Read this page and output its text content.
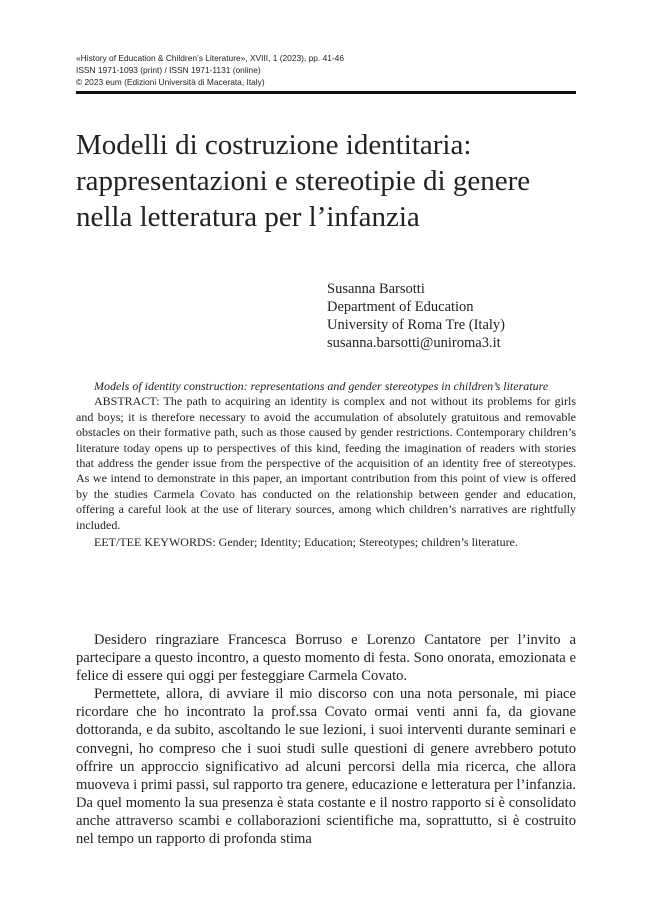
«History of Education & Children’s Literature», XVIII, 1 (2023), pp. 41-46
ISSN 1971-1093 (print) / ISSN 1971-1131 (online)
© 2023 eum (Edizioni Università di Macerata, Italy)
Modelli di costruzione identitaria:
rappresentazioni e stereotipie di genere
nella letteratura per l’infanzia
Susanna Barsotti
Department of Education
University of Roma Tre (Italy)
susanna.barsotti@uniroma3.it

Models of identity construction: representations and gender stereotypes in children’s literature

ABSTRACT: The path to acquiring an identity is complex and not without its problems for girls and boys; it is therefore necessary to avoid the accumulation of absolutely gratuitous and removable obstacles on their formative path, such as those caused by gender restrictions. Contemporary children’s literature today opens up to perspectives of this kind, feeding the imagination of readers with stories that address the gender issue from the perspective of the acquisition of an identity free of stereotypes. As we intend to demonstrate in this paper, an important contribution from this point of view is offered by the studies Carmela Covato has conducted on the relationship between gender and education, offering a careful look at the use of literary sources, among which children’s narratives are rightfully included.

EET/TEE KEYWORDS: Gender; Identity; Education; Stereotypes; children’s literature.

Desidero ringraziare Francesca Borruso e Lorenzo Cantatore per l’invito a partecipare a questo incontro, a questo momento di festa. Sono onorata, emozionata e felice di essere qui oggi per festeggiare Carmela Covato.

Permettete, allora, di avviare il mio discorso con una nota personale, mi piace ricordare che ho incontrato la prof.ssa Covato ormai venti anni fa, da giovane dottoranda, e da subito, ascoltando le sue lezioni, i suoi interventi durante seminari e convegni, ho compreso che i suoi studi sulle questioni di genere avrebbero potuto offrire un approccio significativo ad alcuni percorsi della mia ricerca, che allora muoveva i primi passi, sul rapporto tra genere, educazione e letteratura per l’infanzia. Da quel momento la sua presenza è stata costante e il nostro rapporto si è consolidato anche attraverso scambi e collaborazioni scientifiche ma, soprattutto, si è costruito nel tempo un rapporto di profonda stima
